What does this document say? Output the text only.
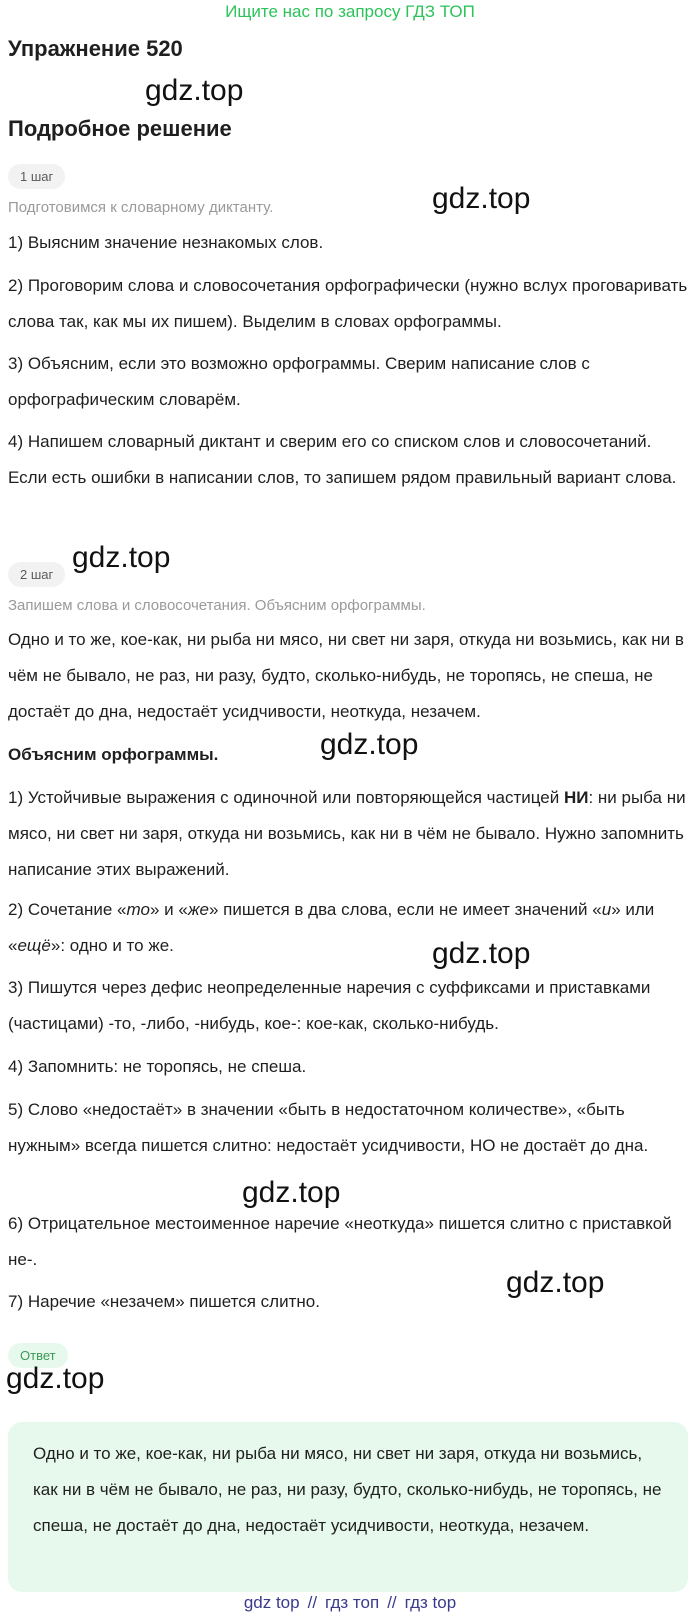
Ищите нас по запросу ГДЗ ТОП
Упражнение 520
Подробное решение
1 шаг
Подготовимся к словарному диктанту.

1) Выясним значение незнакомых слов.

2) Проговорим слова и словосочетания орфографически (нужно вслух проговаривать слова так, как мы их пишем). Выделим в словах орфограммы.

3) Объясним, если это возможно орфограммы. Сверим написание слов с орфографическим словарём.

4) Напишем словарный диктант и сверим его со списком слов и словосочетаний. Если есть ошибки в написании слов, то запишем рядом правильный вариант слова.

2 шаг
Запишем слова и словосочетания. Объясним орфограммы.

Одно и то же, кое-как, ни рыба ни мясо, ни свет ни заря, откуда ни возьмись, как ни в чём не бывало, не раз, ни разу, будто, сколько-нибудь, не торопясь, не спеша, не достаёт до дна, недостаёт усидчивости, неоткуда, незачем.

Объясним орфограммы.

1) Устойчивые выражения с одиночной или повторяющейся частицей НИ: ни рыба ни мясо, ни свет ни заря, откуда ни возьмись, как ни в чём не бывало. Нужно запомнить написание этих выражений.

2) Сочетание «то» и «же» пишется в два слова, если не имеет значений «и» или «ещё»: одно и то же.

3) Пишутся через дефис неопределенные наречия с суффиксами и приставками (частицами) -то, -либо, -нибудь, кое-: кое-как, сколько-нибудь.

4) Запомнить: не торопясь, не спеша.

5) Слово «недостаёт» в значении «быть в недостаточном количестве», «быть нужным» всегда пишется слитно: недостаёт усидчивости, НО не достаёт до дна.

6) Отрицательное местоименное наречие «неоткуда» пишется слитно с приставкой не-.

7) Наречие «незачем» пишется слитно.

Ответ

Одно и то же, кое-как, ни рыба ни мясо, ни свет ни заря, откуда ни возьмись, как ни в чём не бывало, не раз, ни разу, будто, сколько-нибудь, не торопясь, не спеша, не достаёт до дна, недостаёт усидчивости, неоткуда, незачем.

gdz.top
gdz.top
gdz.top
gdz.top
gdz.top
gdz.top
gdz.top
gdz.top
gdz top // гдз топ // гдз top
